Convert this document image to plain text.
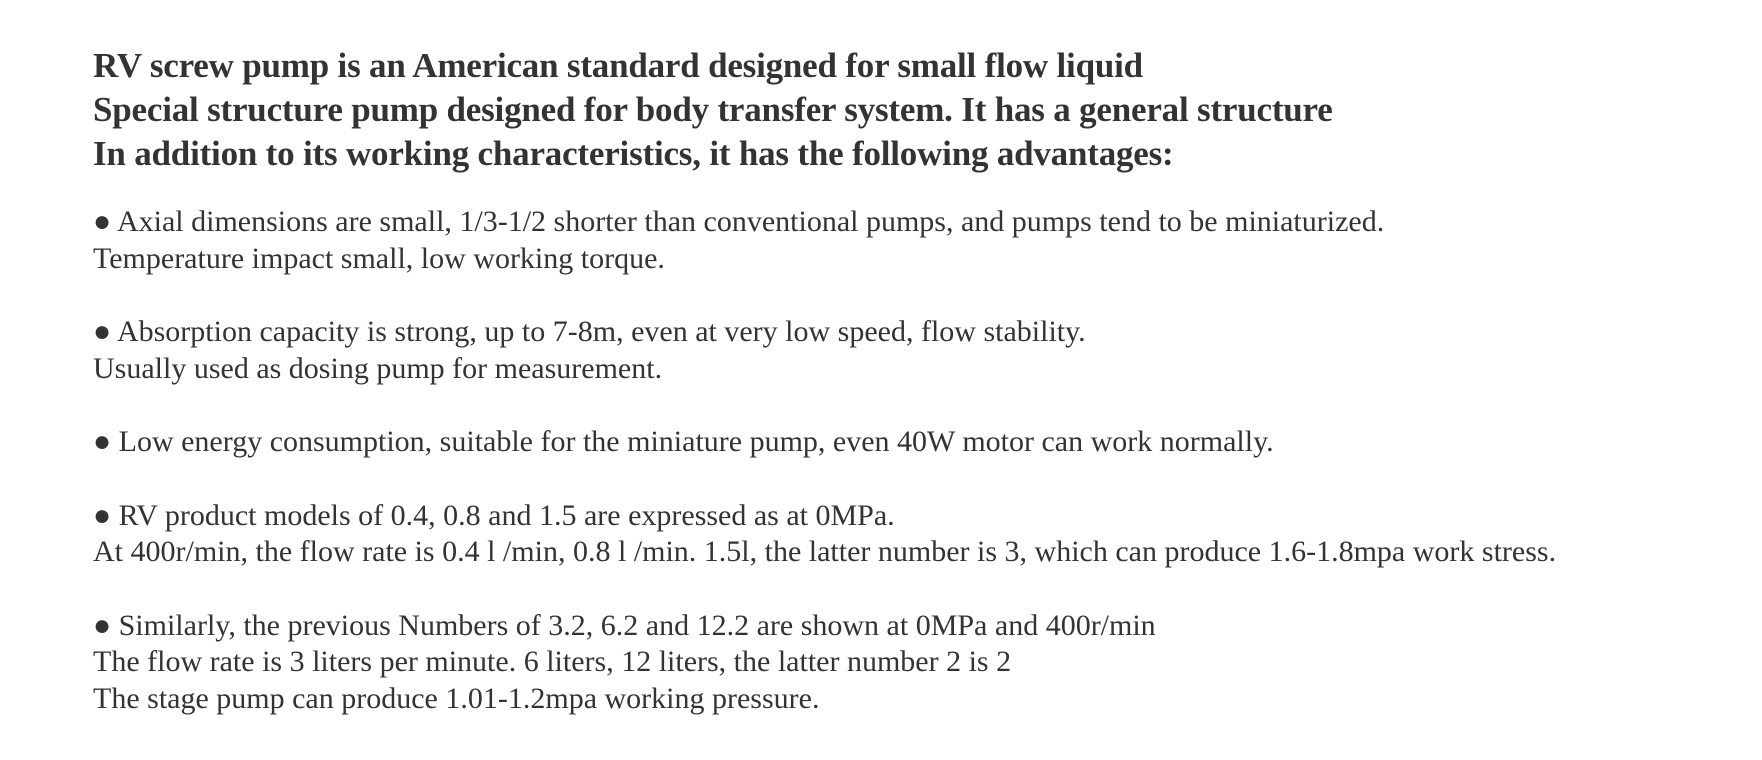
RV screw pump is an American standard designed for small flow liquid
Special structure pump designed for body transfer system. It has a general structure
In addition to its working characteristics, it has the following advantages:
● Axial dimensions are small, 1/3-1/2 shorter than conventional pumps, and pumps tend to be miniaturized.
Temperature impact small, low working torque.
● Absorption capacity is strong, up to 7-8m, even at very low speed, flow stability.
Usually used as dosing pump for measurement.
● Low energy consumption, suitable for the miniature pump, even 40W motor can work normally.
● RV product models of 0.4, 0.8 and 1.5 are expressed as at 0MPa.
At 400r/min, the flow rate is 0.4 l /min, 0.8 l /min. 1.5l, the latter number is 3, which can produce 1.6-1.8mpa work stress.
● Similarly, the previous Numbers of 3.2, 6.2 and 12.2 are shown at 0MPa and 400r/min
The flow rate is 3 liters per minute. 6 liters, 12 liters, the latter number 2 is 2
The stage pump can produce 1.01-1.2mpa working pressure.
